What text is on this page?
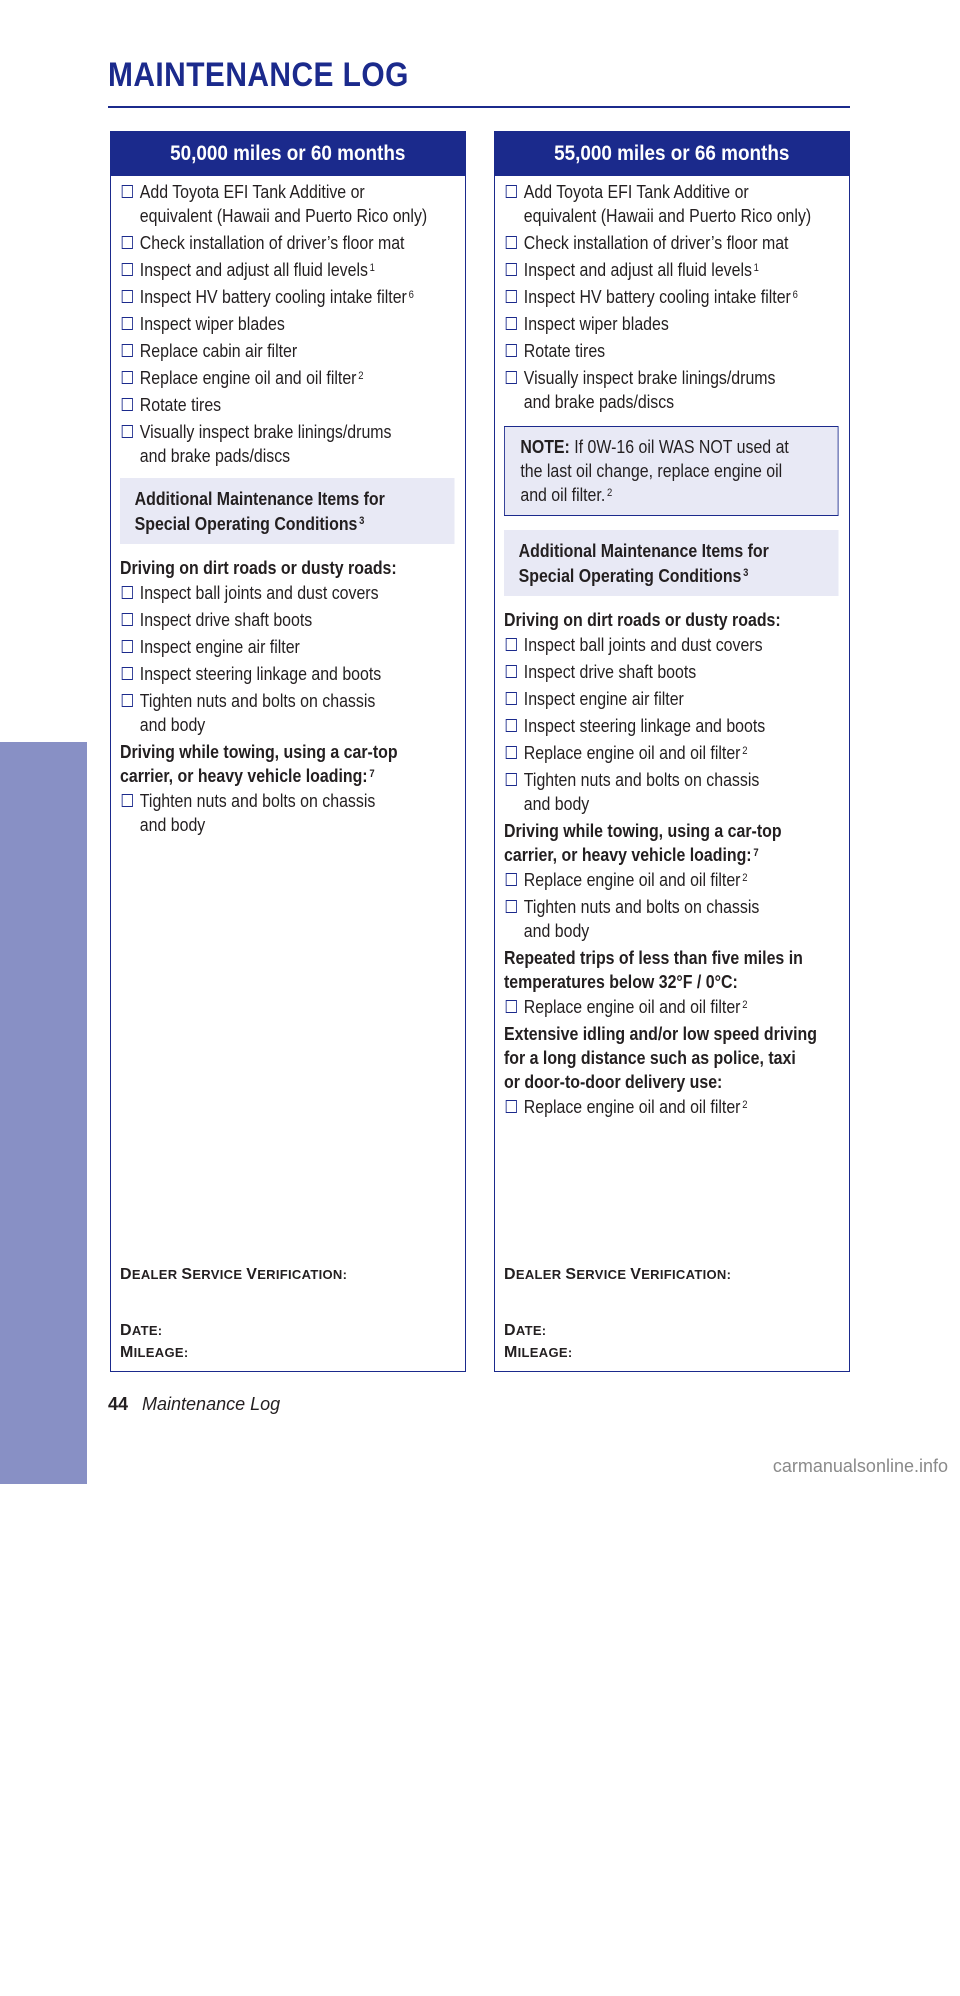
MAINTENANCE LOG
MAINTENANCE
50,000 miles or 60 months
Add Toyota EFI Tank Additive or
equivalent (Hawaii and Puerto Rico only)
Check installation of driver’s floor mat
Inspect and adjust all fluid levels $^1$
Inspect HV battery cooling intake filter $^6$
Inspect wiper blades
Replace cabin air filter
Replace engine oil and oil filter $^2$
Rotate tires
Visually inspect brake linings/drums
and brake pads/discs
Additional Maintenance Items for
Special Operating Conditions $^3$
Driving on dirt roads or dusty roads:
Inspect ball joints and dust covers
Inspect drive shaft boots
Inspect engine air filter
Inspect steering linkage and boots
Tighten nuts and bolts on chassis
and body
Driving while towing, using a car-top
carrier, or heavy vehicle loading: $^7$
Tighten nuts and bolts on chassis
and body
DEALER SERVICE VERIFICATION:
DATE:
MILEAGE:
55,000 miles or 66 months
Add Toyota EFI Tank Additive or
equivalent (Hawaii and Puerto Rico only)
Check installation of driver’s floor mat
Inspect and adjust all fluid levels $^1$
Inspect HV battery cooling intake filter $^6$
Inspect wiper blades
Rotate tires
Visually inspect brake linings/drums
and brake pads/discs
NOTE: If 0W-16 oil WAS NOT used at
the last oil change, replace engine oil
and oil filter. $^2$
Additional Maintenance Items for
Special Operating Conditions $^3$
Driving on dirt roads or dusty roads:
Inspect ball joints and dust covers
Inspect drive shaft boots
Inspect engine air filter
Inspect steering linkage and boots
Replace engine oil and oil filter $^2$
Tighten nuts and bolts on chassis
and body
Driving while towing, using a car-top
carrier, or heavy vehicle loading: $^7$
Replace engine oil and oil filter $^2$
Tighten nuts and bolts on chassis
and body
Repeated trips of less than five miles in
temperatures below 32°F / 0°C:
Replace engine oil and oil filter $^2$
Extensive idling and/or low speed driving
for a long distance such as police, taxi
or door-to-door delivery use:
Replace engine oil and oil filter $^2$
DEALER SERVICE VERIFICATION:
DATE:
MILEAGE:
44 Maintenance Log
carmanualsonline.info
